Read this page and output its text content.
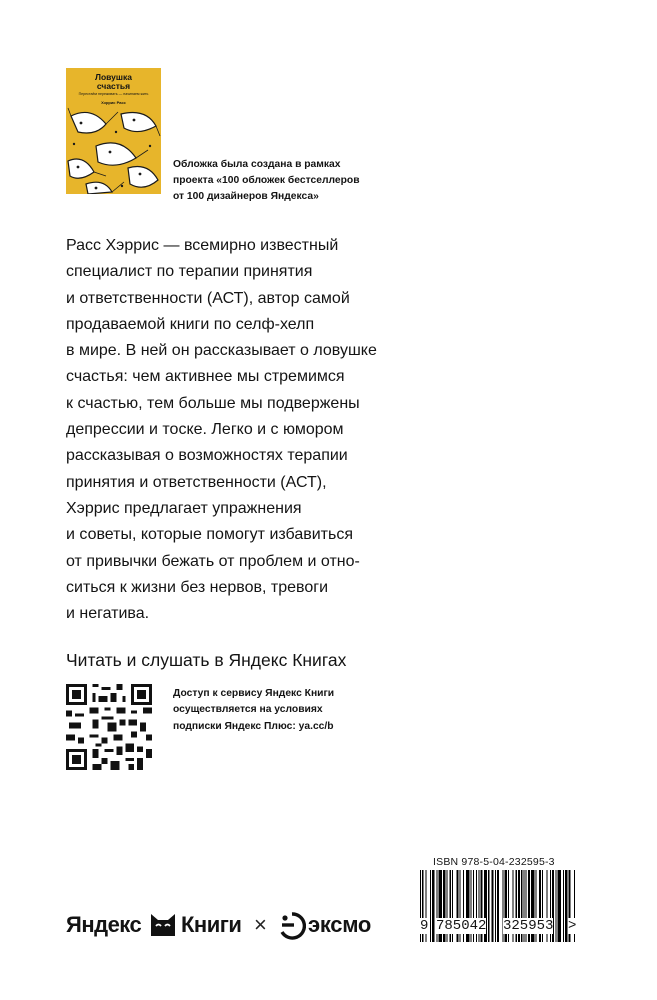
Ловушка
счастья
Перестаём переживать — начинаем жить
Хэррис Расс
Обложка была создана в рамках
проекта «100 обложек бестселлеров
от 100 дизайнеров Яндекса»
Расс Хэррис — всемирно известный
специалист по терапии принятия
и ответственности (АСТ), автор самой
продаваемой книги по селф-хелп
в мире. В ней он рассказывает о ловушке
счастья: чем активнее мы стремимся
к счастью, тем больше мы подвержены
депрессии и тоске. Легко и с юмором
рассказывая о возможностях терапии
принятия и ответственности (АСТ),
Хэррис предлагает упражнения
и советы, которые помогут избавиться
от привычки бежать от проблем и отно-
ситься к жизни без нервов, тревоги
и негатива.
Читать и слушать в Яндекс Книгах
Доступ к сервису Яндекс Книги
осуществляется на условиях
подписки Яндекс Плюс: ya.cc/b
ISBN 978-5-04-232595-3
9 785042 325953 >
Яндекс Книги × эксмо
